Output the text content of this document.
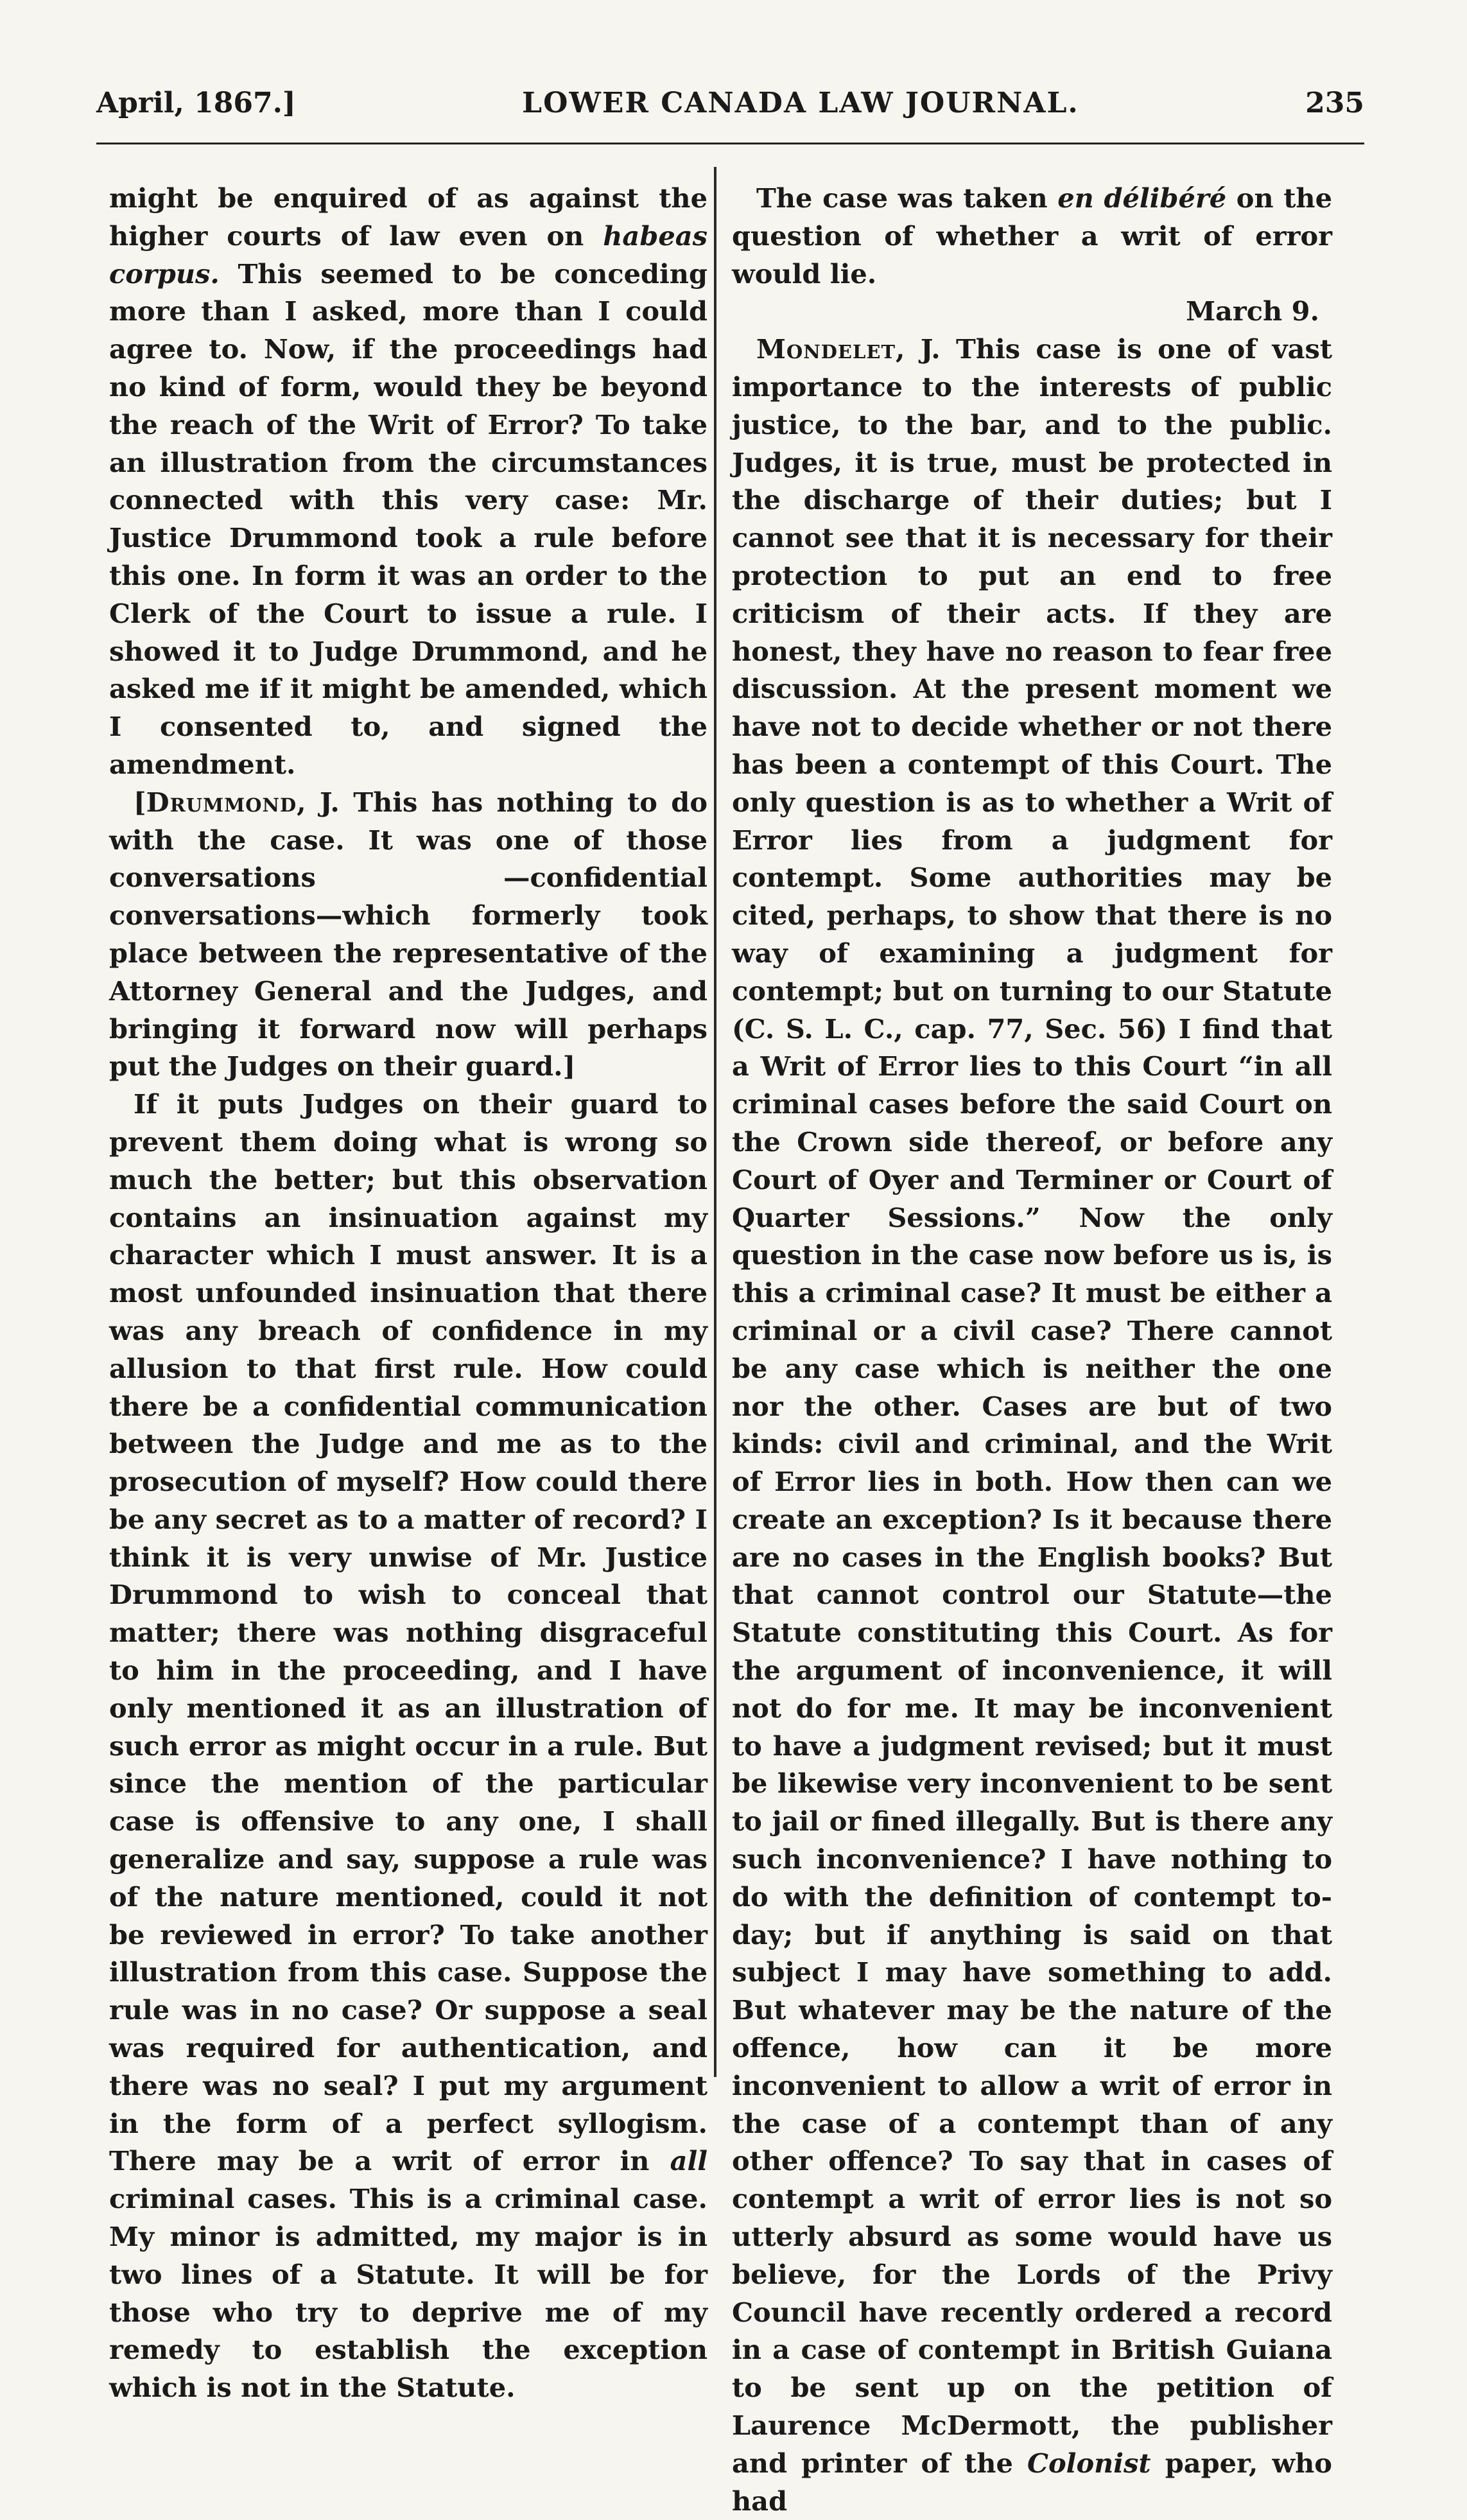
April, 1867.]	LOWER CANADA LAW JOURNAL.	235

might be enquired of as against the higher courts of law even on habeas corpus. This seemed to be conceding more than I asked, more than I could agree to. Now, if the proceedings had no kind of form, would they be beyond the reach of the Writ of Error? To take an illustration from the circumstances connected with this very case: Mr. Justice Drummond took a rule before this one. In form it was an order to the Clerk of the Court to issue a rule. I showed it to Judge Drummond, and he asked me if it might be amended, which I consented to, and signed the amendment.

[Drummond, J. This has nothing to do with the case. It was one of those conversations —confidential conversations—which formerly took place between the representative of the Attorney General and the Judges, and bringing it forward now will perhaps put the Judges on their guard.]

If it puts Judges on their guard to prevent them doing what is wrong so much the better; but this observation contains an insinuation against my character which I must answer. It is a most unfounded insinuation that there was any breach of confidence in my allusion to that first rule. How could there be a confidential communication between the Judge and me as to the prosecution of myself? How could there be any secret as to a matter of record? I think it is very unwise of Mr. Justice Drummond to wish to conceal that matter; there was nothing disgraceful to him in the proceeding, and I have only mentioned it as an illustration of such error as might occur in a rule. But since the mention of the particular case is offensive to any one, I shall generalize and say, suppose a rule was of the nature mentioned, could it not be reviewed in error? To take another illustration from this case. Suppose the rule was in no case? Or suppose a seal was required for authentication, and there was no seal? I put my argument in the form of a perfect syllogism. There may be a writ of error in all criminal cases. This is a criminal case. My minor is admitted, my major is in two lines of a Statute. It will be for those who try to deprive me of my remedy to establish the exception which is not in the Statute.

The case was taken en délibéré on the question of whether a writ of error would lie.

March 9.

Mondelet, J. This case is one of vast importance to the interests of public justice, to the bar, and to the public. Judges, it is true, must be protected in the discharge of their duties; but I cannot see that it is necessary for their protection to put an end to free criticism of their acts. If they are honest, they have no reason to fear free discussion. At the present moment we have not to decide whether or not there has been a contempt of this Court. The only question is as to whether a Writ of Error lies from a judgment for contempt. Some authorities may be cited, perhaps, to show that there is no way of examining a judgment for contempt; but on turning to our Statute (C. S. L. C., cap. 77, Sec. 56) I find that a Writ of Error lies to this Court “in all criminal cases before the said Court on the Crown side thereof, or before any Court of Oyer and Terminer or Court of Quarter Sessions.” Now the only question in the case now before us is, is this a criminal case? It must be either a criminal or a civil case? There cannot be any case which is neither the one nor the other. Cases are but of two kinds: civil and criminal, and the Writ of Error lies in both. How then can we create an exception? Is it because there are no cases in the English books? But that cannot control our Statute—the Statute constituting this Court. As for the argument of inconvenience, it will not do for me. It may be inconvenient to have a judgment revised; but it must be likewise very inconvenient to be sent to jail or fined illegally. But is there any such inconvenience? I have nothing to do with the definition of contempt to-day; but if anything is said on that subject I may have something to add. But whatever may be the nature of the offence, how can it be more inconvenient to allow a writ of error in the case of a contempt than of any other offence? To say that in cases of contempt a writ of error lies is not so utterly absurd as some would have us believe, for the Lords of the Privy Council have recently ordered a record in a case of contempt in British Guiana to be sent up on the petition of Laurence McDermott, the publisher and printer of the Colonist paper, who had
